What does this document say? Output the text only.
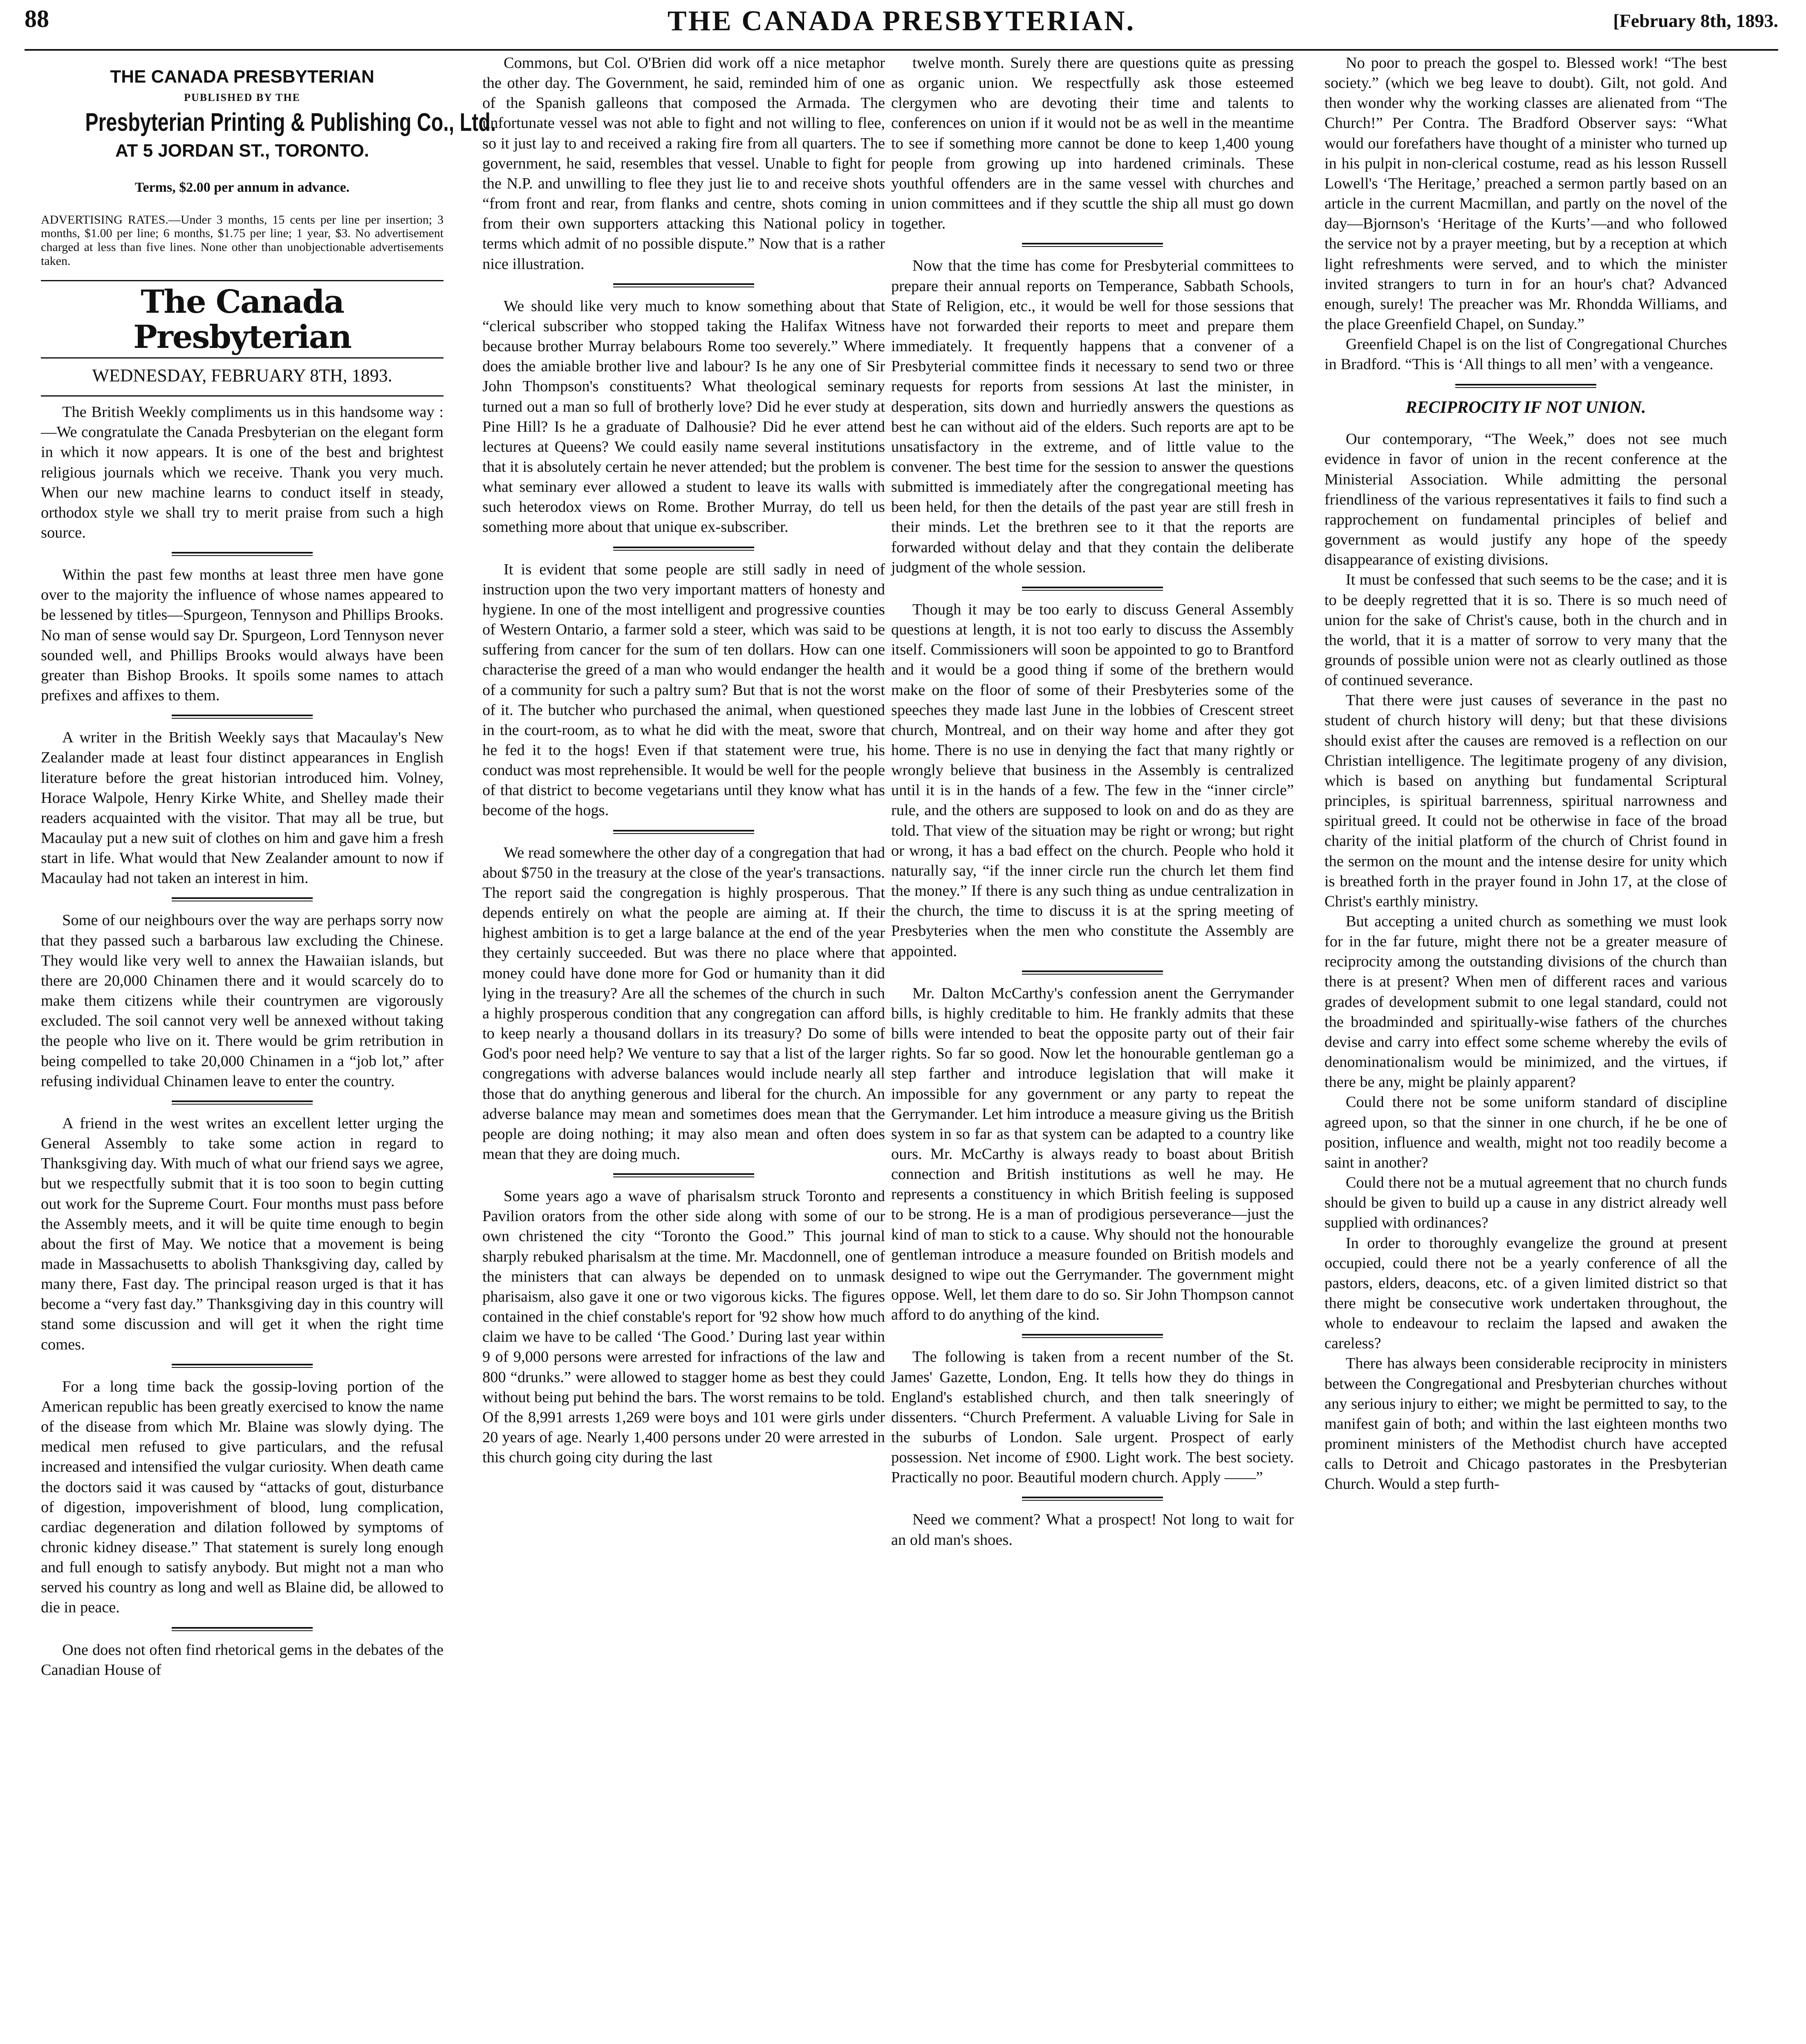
88	THE CANADA PRESBYTERIAN.	[February 8th, 1893.
THE CANADA PRESBYTERIAN
PUBLISHED BY THE
Presbyterian Printing & Publishing Co., Ltd.
AT 5 JORDAN ST., TORONTO.
Terms, $2.00 per annum in advance.
ADVERTISING RATES.—Under 3 months, 15 cents per line per insertion; 3 months, $1.00 per line; 6 months, $1.75 per line; 1 year, $3. No advertisement charged at less than five lines. None other than unobjectionable advertisements taken.
The Canada Presbyterian
WEDNESDAY, FEBRUARY 8TH, 1893.

The British Weekly compliments us in this handsome way :—We congratulate the Canada Presbyterian on the elegant form in which it now appears. It is one of the best and brightest religious journals which we receive. Thank you very much. When our new machine learns to conduct itself in steady, orthodox style we shall try to merit praise from such a high source.

Within the past few months at least three men have gone over to the majority the influence of whose names appeared to be lessened by titles—Spurgeon, Tennyson and Phillips Brooks. No man of sense would say Dr. Spurgeon, Lord Tennyson never sounded well, and Phillips Brooks would always have been greater than Bishop Brooks. It spoils some names to attach prefixes and affixes to them.

A writer in the British Weekly says that Macaulay's New Zealander made at least four distinct appearances in English literature before the great historian introduced him. Volney, Horace Walpole, Henry Kirke White, and Shelley made their readers acquainted with the visitor. That may all be true, but Macaulay put a new suit of clothes on him and gave him a fresh start in life. What would that New Zealander amount to now if Macaulay had not taken an interest in him.

Some of our neighbours over the way are perhaps sorry now that they passed such a barbarous law excluding the Chinese. They would like very well to annex the Hawaiian islands, but there are 20,000 Chinamen there and it would scarcely do to make them citizens while their countrymen are vigorously excluded. The soil cannot very well be annexed without taking the people who live on it. There would be grim retribution in being compelled to take 20,000 Chinamen in a “job lot,” after refusing individual Chinamen leave to enter the country.

A friend in the west writes an excellent letter urging the General Assembly to take some action in regard to Thanksgiving day. With much of what our friend says we agree, but we respectfully submit that it is too soon to begin cutting out work for the Supreme Court. Four months must pass before the Assembly meets, and it will be quite time enough to begin about the first of May. We notice that a movement is being made in Massachusetts to abolish Thanksgiving day, called by many there, Fast day. The principal reason urged is that it has become a “very fast day.” Thanksgiving day in this country will stand some discussion and will get it when the right time comes.

For a long time back the gossip-loving portion of the American republic has been greatly exercised to know the name of the disease from which Mr. Blaine was slowly dying. The medical men refused to give particulars, and the refusal increased and intensified the vulgar curiosity. When death came the doctors said it was caused by “attacks of gout, disturbance of digestion, impoverishment of blood, lung complication, cardiac degeneration and dilation followed by symptoms of chronic kidney disease.” That statement is surely long enough and full enough to satisfy anybody. But might not a man who served his country as long and well as Blaine did, be allowed to die in peace.

One does not often find rhetorical gems in the debates of the Canadian House of

Commons, but Col. O'Brien did work off a nice metaphor the other day. The Government, he said, reminded him of one of the Spanish galleons that composed the Armada. The unfortunate vessel was not able to fight and not willing to flee, so it just lay to and received a raking fire from all quarters. The government, he said, resembles that vessel. Unable to fight for the N.P. and unwilling to flee they just lie to and receive shots “from front and rear, from flanks and centre, shots coming in from their own supporters attacking this National policy in terms which admit of no possible dispute.” Now that is a rather nice illustration.

We should like very much to know something about that “clerical subscriber who stopped taking the Halifax Witness because brother Murray belabours Rome too severely.” Where does the amiable brother live and labour? Is he any one of Sir John Thompson's constituents? What theological seminary turned out a man so full of brotherly love? Did he ever study at Pine Hill? Is he a graduate of Dalhousie? Did he ever attend lectures at Queens? We could easily name several institutions that it is absolutely certain he never attended; but the problem is what seminary ever allowed a student to leave its walls with such heterodox views on Rome. Brother Murray, do tell us something more about that unique ex-subscriber.

It is evident that some people are still sadly in need of instruction upon the two very important matters of honesty and hygiene. In one of the most intelligent and progressive counties of Western Ontario, a farmer sold a steer, which was said to be suffering from cancer for the sum of ten dollars. How can one characterise the greed of a man who would endanger the health of a community for such a paltry sum? But that is not the worst of it. The butcher who purchased the animal, when questioned in the court-room, as to what he did with the meat, swore that he fed it to the hogs! Even if that statement were true, his conduct was most reprehensible. It would be well for the people of that district to become vegetarians until they know what has become of the hogs.

We read somewhere the other day of a congregation that had about $750 in the treasury at the close of the year's transactions. The report said the congregation is highly prosperous. That depends entirely on what the people are aiming at. If their highest ambition is to get a large balance at the end of the year they certainly succeeded. But was there no place where that money could have done more for God or humanity than it did lying in the treasury? Are all the schemes of the church in such a highly prosperous condition that any congregation can afford to keep nearly a thousand dollars in its treasury? Do some of God's poor need help? We venture to say that a list of the larger congregations with adverse balances would include nearly all those that do anything generous and liberal for the church. An adverse balance may mean and sometimes does mean that the people are doing nothing; it may also mean and often does mean that they are doing much.

Some years ago a wave of pharisalsm struck Toronto and Pavilion orators from the other side along with some of our own christened the city “Toronto the Good.” This journal sharply rebuked pharisalsm at the time. Mr. Macdonnell, one of the ministers that can always be depended on to unmask pharisaism, also gave it one or two vigorous kicks. The figures contained in the chief constable's report for '92 show how much claim we have to be called ‘The Good.’ During last year within 9 of 9,000 persons were arrested for infractions of the law and 800 “drunks.” were allowed to stagger home as best they could without being put behind the bars. The worst remains to be told. Of the 8,991 arrests 1,269 were boys and 101 were girls under 20 years of age. Nearly 1,400 persons under 20 were arrested in this church going city during the last

twelve month. Surely there are questions quite as pressing as organic union. We respectfully ask those esteemed clergymen who are devoting their time and talents to conferences on union if it would not be as well in the meantime to see if something more cannot be done to keep 1,400 young people from growing up into hardened criminals. These youthful offenders are in the same vessel with churches and union committees and if they scuttle the ship all must go down together.

Now that the time has come for Presbyterial committees to prepare their annual reports on Temperance, Sabbath Schools, State of Religion, etc., it would be well for those sessions that have not forwarded their reports to meet and prepare them immediately. It frequently happens that a convener of a Presbyterial committee finds it necessary to send two or three requests for reports from sessions At last the minister, in desperation, sits down and hurriedly answers the questions as best he can without aid of the elders. Such reports are apt to be unsatisfactory in the extreme, and of little value to the convener. The best time for the session to answer the questions submitted is immediately after the congregational meeting has been held, for then the details of the past year are still fresh in their minds. Let the brethren see to it that the reports are forwarded without delay and that they contain the deliberate judgment of the whole session.

Though it may be too early to discuss General Assembly questions at length, it is not too early to discuss the Assembly itself. Commissioners will soon be appointed to go to Brantford and it would be a good thing if some of the brethern would make on the floor of some of their Presbyteries some of the speeches they made last June in the lobbies of Crescent street church, Montreal, and on their way home and after they got home. There is no use in denying the fact that many rightly or wrongly believe that business in the Assembly is centralized until it is in the hands of a few. The few in the “inner circle” rule, and the others are supposed to look on and do as they are told. That view of the situation may be right or wrong; but right or wrong, it has a bad effect on the church. People who hold it naturally say, “if the inner circle run the church let them find the money.” If there is any such thing as undue centralization in the church, the time to discuss it is at the spring meeting of Presbyteries when the men who constitute the Assembly are appointed.

Mr. Dalton McCarthy's confession anent the Gerrymander bills, is highly creditable to him. He frankly admits that these bills were intended to beat the opposite party out of their fair rights. So far so good. Now let the honourable gentleman go a step farther and introduce legislation that will make it impossible for any government or any party to repeat the Gerrymander. Let him introduce a measure giving us the British system in so far as that system can be adapted to a country like ours. Mr. McCarthy is always ready to boast about British connection and British institutions as well he may. He represents a constituency in which British feeling is supposed to be strong. He is a man of prodigious perseverance—just the kind of man to stick to a cause. Why should not the honourable gentleman introduce a measure founded on British models and designed to wipe out the Gerrymander. The government might oppose. Well, let them dare to do so. Sir John Thompson cannot afford to do anything of the kind.

The following is taken from a recent number of the St. James' Gazette, London, Eng. It tells how they do things in England's established church, and then talk sneeringly of dissenters. “Church Preferment. A valuable Living for Sale in the suburbs of London. Sale urgent. Prospect of early possession. Net income of £900. Light work. The best society. Practically no poor. Beautiful modern church. Apply ——”

Need we comment? What a prospect! Not long to wait for an old man's shoes.

No poor to preach the gospel to. Blessed work! “The best society.” (which we beg leave to doubt). Gilt, not gold. And then wonder why the working classes are alienated from “The Church!” Per Contra. The Bradford Observer says: “What would our forefathers have thought of a minister who turned up in his pulpit in non-clerical costume, read as his lesson Russell Lowell's ‘The Heritage,’ preached a sermon partly based on an article in the current Macmillan, and partly on the novel of the day—Bjornson's ‘Heritage of the Kurts’—and who followed the service not by a prayer meeting, but by a reception at which light refreshments were served, and to which the minister invited strangers to turn in for an hour's chat? Advanced enough, surely! The preacher was Mr. Rhondda Williams, and the place Greenfield Chapel, on Sunday.”

Greenfield Chapel is on the list of Congregational Churches in Bradford. “This is ‘All things to all men’ with a vengeance.

RECIPROCITY IF NOT UNION.

Our contemporary, “The Week,” does not see much evidence in favor of union in the recent conference at the Ministerial Association. While admitting the personal friendliness of the various representatives it fails to find such a rapprochement on fundamental principles of belief and government as would justify any hope of the speedy disappearance of existing divisions.

It must be confessed that such seems to be the case; and it is to be deeply regretted that it is so. There is so much need of union for the sake of Christ's cause, both in the church and in the world, that it is a matter of sorrow to very many that the grounds of possible union were not as clearly outlined as those of continued severance.

That there were just causes of severance in the past no student of church history will deny; but that these divisions should exist after the causes are removed is a reflection on our Christian intelligence. The legitimate progeny of any division, which is based on anything but fundamental Scriptural principles, is spiritual barrenness, spiritual narrowness and spiritual greed. It could not be otherwise in face of the broad charity of the initial platform of the church of Christ found in the sermon on the mount and the intense desire for unity which is breathed forth in the prayer found in John 17, at the close of Christ's earthly ministry.

But accepting a united church as something we must look for in the far future, might there not be a greater measure of reciprocity among the outstanding divisions of the church than there is at present? When men of different races and various grades of development submit to one legal standard, could not the broadminded and spiritually-wise fathers of the churches devise and carry into effect some scheme whereby the evils of denominationalism would be minimized, and the virtues, if there be any, might be plainly apparent?

Could there not be some uniform standard of discipline agreed upon, so that the sinner in one church, if he be one of position, influence and wealth, might not too readily become a saint in another?

Could there not be a mutual agreement that no church funds should be given to build up a cause in any district already well supplied with ordinances?

In order to thoroughly evangelize the ground at present occupied, could there not be a yearly conference of all the pastors, elders, deacons, etc. of a given limited district so that there might be consecutive work undertaken throughout, the whole to endeavour to reclaim the lapsed and awaken the careless?

There has always been considerable reciprocity in ministers between the Congregational and Presbyterian churches without any serious injury to either; we might be permitted to say, to the manifest gain of both; and within the last eighteen months two prominent ministers of the Methodist church have accepted calls to Detroit and Chicago pastorates in the Presbyterian Church. Would a step furth-
